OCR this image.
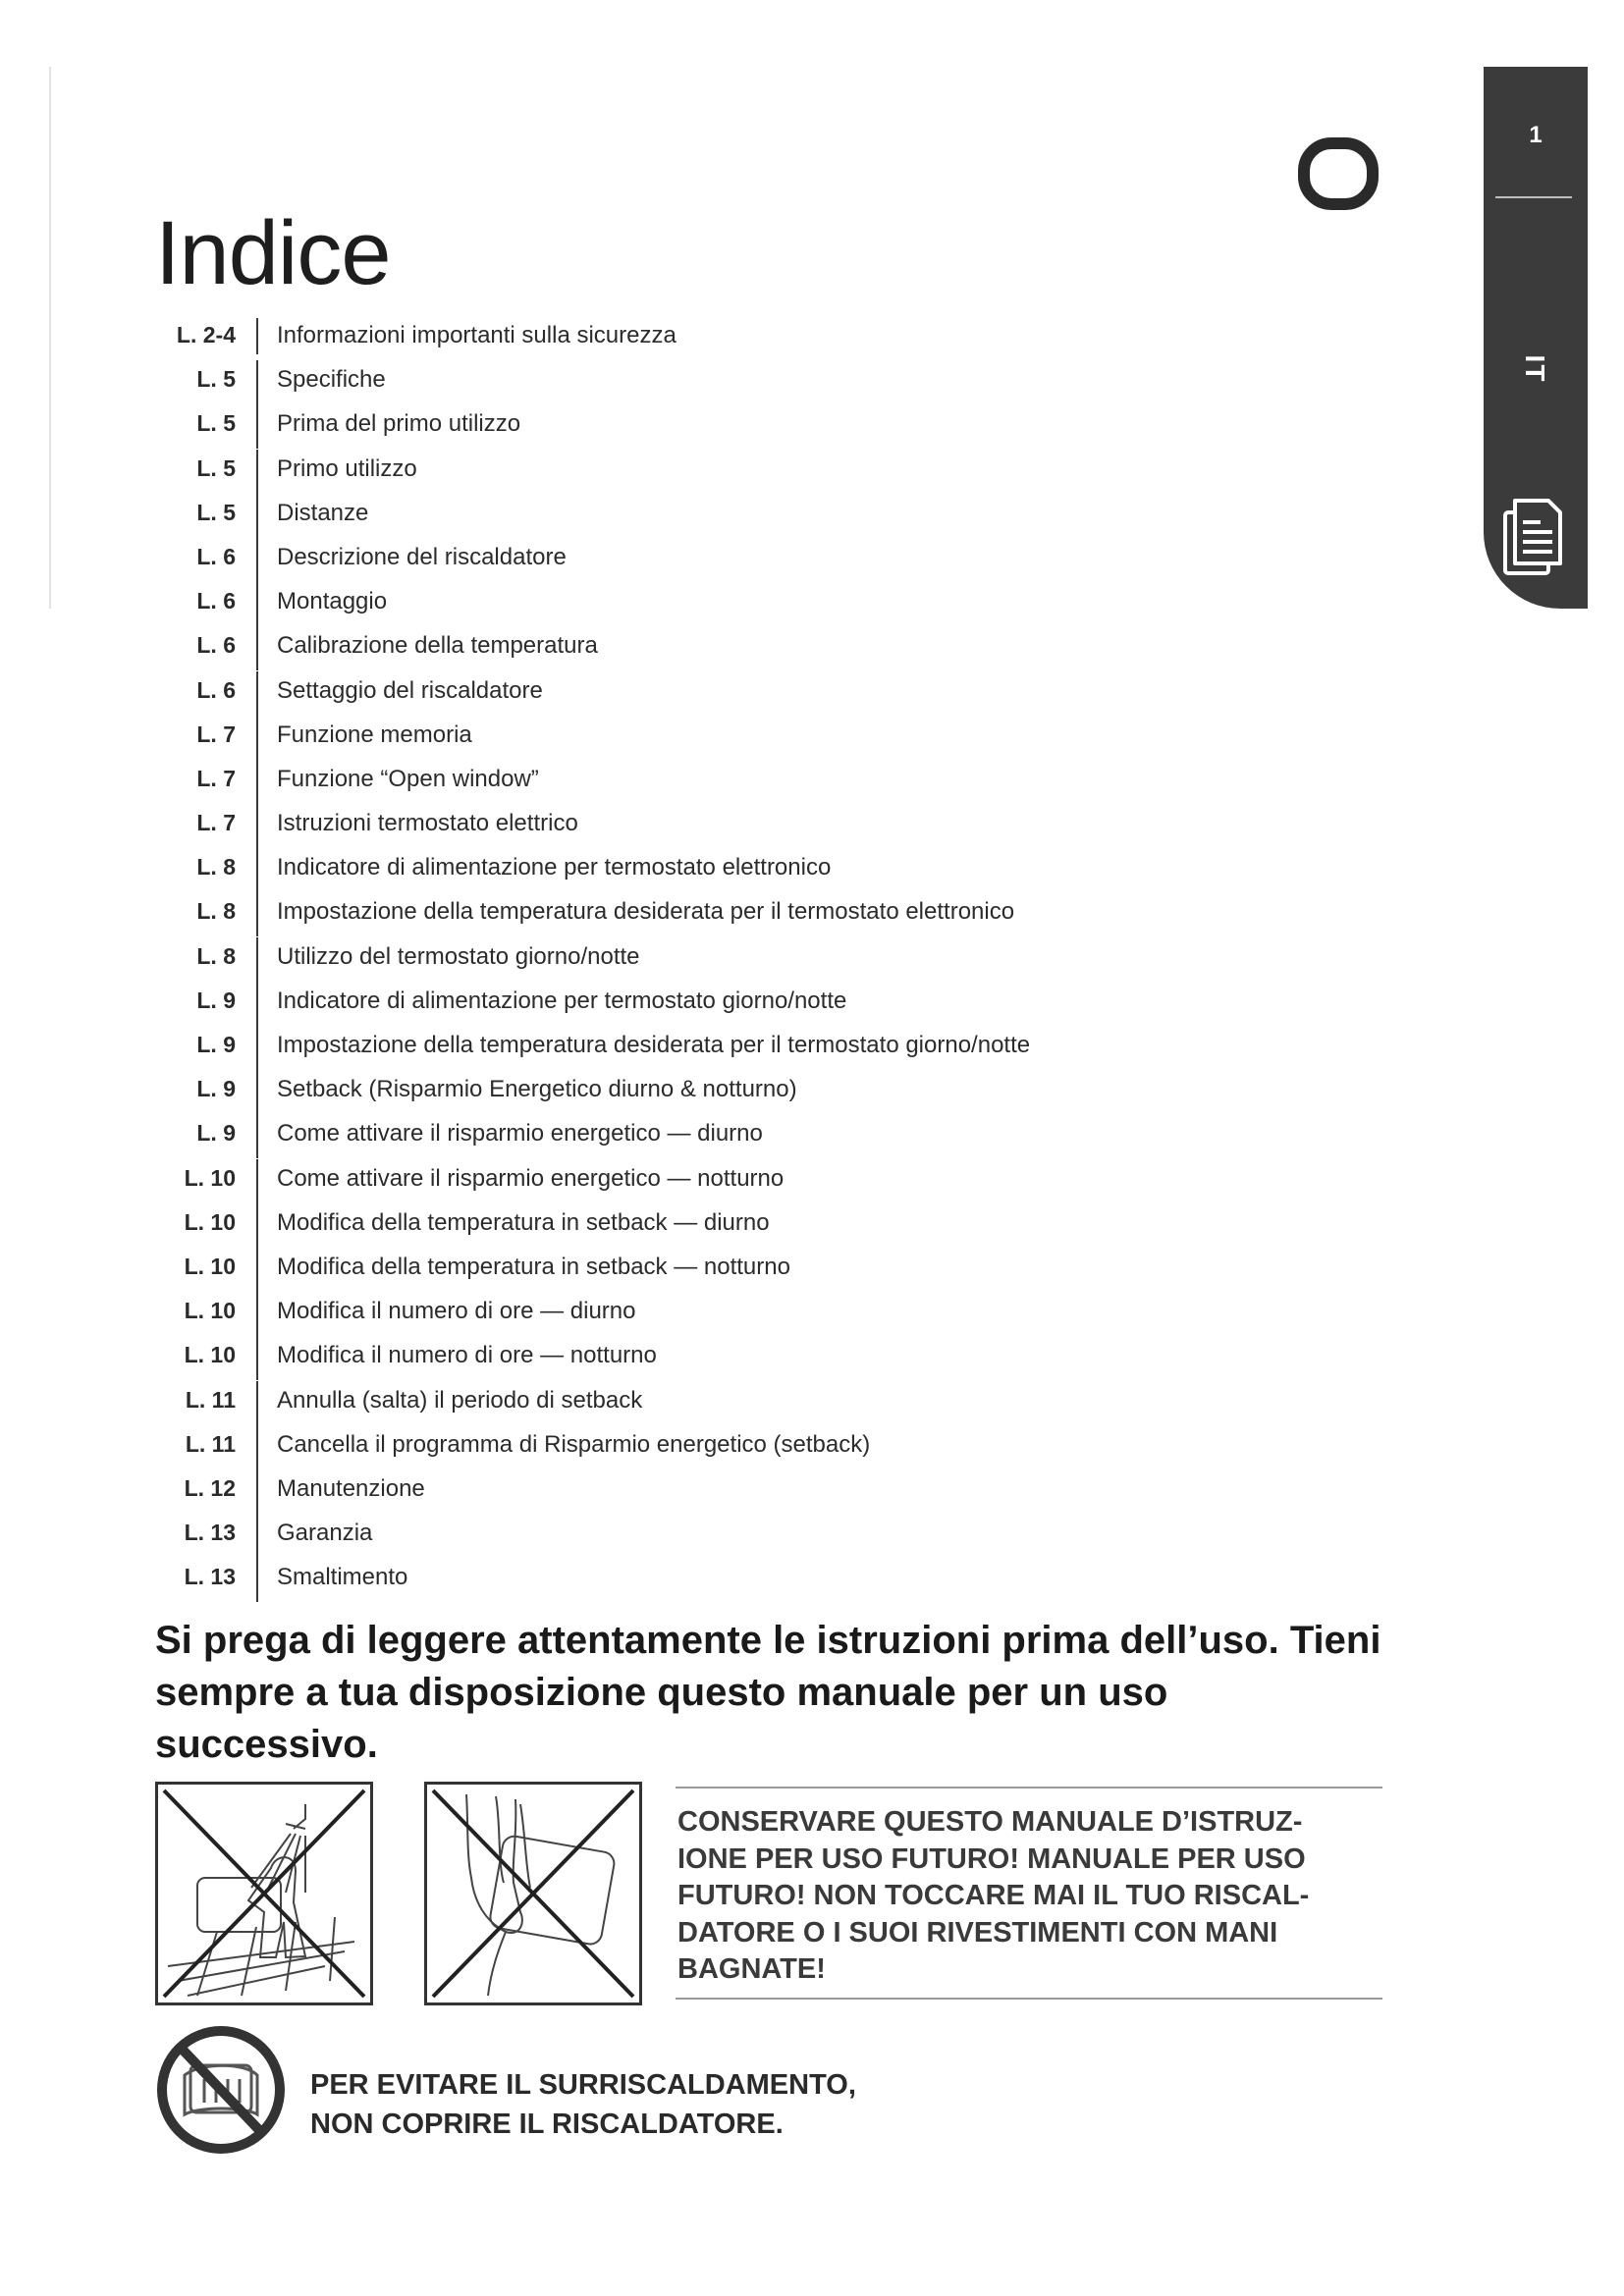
1
IT
Indice
L. 2-4 Informazioni importanti sulla sicurezza
L. 5 Specifiche
L. 5 Prima del primo utilizzo
L. 5 Primo utilizzo
L. 5 Distanze
L. 6 Descrizione del riscaldatore
L. 6 Montaggio
L. 6 Calibrazione della temperatura
L. 6 Settaggio del riscaldatore
L. 7 Funzione memoria
L. 7 Funzione “Open window”
L. 7 Istruzioni termostato elettrico
L. 8 Indicatore di alimentazione per termostato elettronico
L. 8 Impostazione della temperatura desiderata per il termostato elettronico
L. 8 Utilizzo del termostato giorno/notte
L. 9 Indicatore di alimentazione per termostato giorno/notte
L. 9 Impostazione della temperatura desiderata per il termostato giorno/notte
L. 9 Setback (Risparmio Energetico diurno & notturno)
L. 9 Come attivare il risparmio energetico — diurno
L. 10 Come attivare il risparmio energetico — notturno
L. 10 Modifica della temperatura in setback — diurno
L. 10 Modifica della temperatura in setback — notturno
L. 10 Modifica il numero di ore — diurno
L. 10 Modifica il numero di ore — notturno
L. 11 Annulla (salta) il periodo di setback
L. 11 Cancella il programma di Risparmio energetico (setback)
L. 12 Manutenzione
L. 13 Garanzia
L. 13 Smaltimento

Si prega di leggere attentamente le istruzioni prima dell’uso. Tieni sempre a tua disposizione questo manuale per un uso successivo.

CONSERVARE QUESTO MANUALE D’ISTRUZ-IONE PER USO FUTURO! MANUALE PER USO FUTURO! NON TOCCARE MAI IL TUO RISCAL-DATORE O I SUOI RIVESTIMENTI CON MANI BAGNATE!

PER EVITARE IL SURRISCALDAMENTO,
NON COPRIRE IL RISCALDATORE.
